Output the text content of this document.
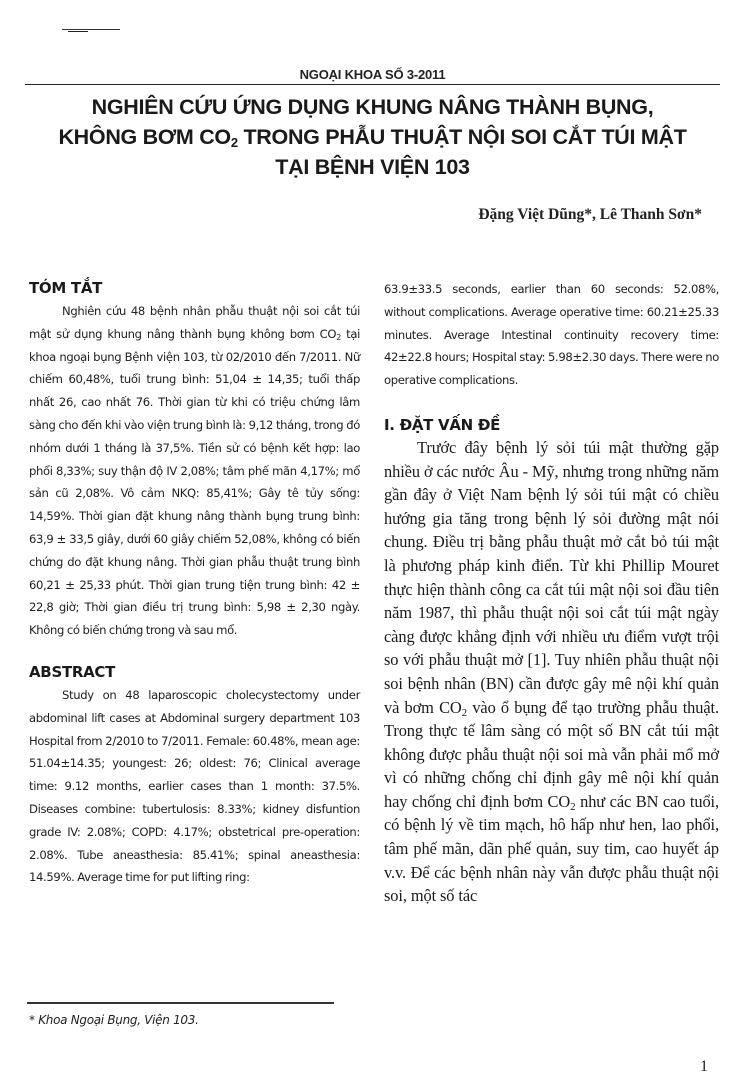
NGOẠI KHOA SỐ 3-2011
NGHIÊN CỨU ỨNG DỤNG KHUNG NÂNG THÀNH BỤNG,
KHÔNG BƠM $CO_2$ TRONG PHẪU THUẬT NỘI SOI CẮT TÚI MẬT
TẠI BỆNH VIỆN 103
Đặng Việt Dũng*, Lê Thanh Sơn*
TÓM TẮT

Nghiên cứu 48 bệnh nhân phẫu thuật nội soi cắt túi mật sử dụng khung nâng thành bụng không bơm $CO_2$ tại khoa ngoại bụng Bệnh viện 103, từ 02/2010 đến 7/2011. Nữ chiếm 60,48%, tuổi trung bình: 51,04 ± 14,35; tuổi thấp nhất 26, cao nhất 76. Thời gian từ khi có triệu chứng lâm sàng cho đến khi vào viện trung bình là: 9,12 tháng, trong đó nhóm dưới 1 tháng là 37,5%. Tiền sử có bệnh kết hợp: lao phổi 8,33%; suy thận độ IV 2,08%; tâm phế mãn 4,17%; mổ sản cũ 2,08%. Vô cảm NKQ: 85,41%; Gây tê tủy sống: 14,59%. Thời gian đặt khung nâng thành bụng trung bình: 63,9 ± 33,5 giây, dưới 60 giây chiếm 52,08%, không có biến chứng do đặt khung nâng. Thời gian phẫu thuật trung bình 60,21 ± 25,33 phút. Thời gian trung tiện trung bình: 42 ± 22,8 giờ; Thời gian điều trị trung bình: 5,98 ± 2,30 ngày. Không có biến chứng trong và sau mổ.

ABSTRACT

Study on 48 laparoscopic cholecystectomy under abdominal lift cases at Abdominal surgery department 103 Hospital from 2/2010 to 7/2011. Female: 60.48%, mean age: 51.04±14.35; youngest: 26; oldest: 76; Clinical average time: 9.12 months, earlier cases than 1 month: 37.5%. Diseases combine: tubertulosis: 8.33%; kidney disfuntion grade IV: 2.08%; COPD: 4.17%; obstetrical pre-operation: 2.08%. Tube aneasthesia: 85.41%; spinal aneasthesia: 14.59%. Average time for put lifting ring:

63.9±33.5 seconds, earlier than 60 seconds: 52.08%, without complications. Average operative time: 60.21±25.33 minutes. Average Intestinal continuity recovery time: 42±22.8 hours; Hospital stay: 5.98±2.30 days. There were no operative complications.

I. ĐẶT VẤN ĐỀ

Trước đây bệnh lý sỏi túi mật thường gặp nhiều ở các nước Âu - Mỹ, nhưng trong những năm gần đây ở Việt Nam bệnh lý sỏi túi mật có chiều hướng gia tăng trong bệnh lý sỏi đường mật nói chung. Điều trị bằng phẫu thuật mở cắt bỏ túi mật là phương pháp kinh điển. Từ khi Phillip Mouret thực hiện thành công ca cắt túi mật nội soi đầu tiên năm 1987, thì phẫu thuật nội soi cắt túi mật ngày càng được khẳng định với nhiều ưu điểm vượt trội so với phẫu thuật mở [1]. Tuy nhiên phẫu thuật nội soi bệnh nhân (BN) cần được gây mê nội khí quản và bơm $CO_2$ vào ổ bụng để tạo trường phẫu thuật. Trong thực tế lâm sàng có một số BN cắt túi mật không được phẫu thuật nội soi mà vẫn phải mổ mở vì có những chống chỉ định gây mê nội khí quản hay chống chỉ định bơm $CO_2$ như các BN cao tuổi, có bệnh lý về tim mạch, hô hấp như hen, lao phổi, tâm phế mãn, dãn phế quản, suy tim, cao huyết áp v.v. Để các bệnh nhân này vẫn được phẫu thuật nội soi, một số tác

* Khoa Ngoại Bụng, Viện 103.
1
